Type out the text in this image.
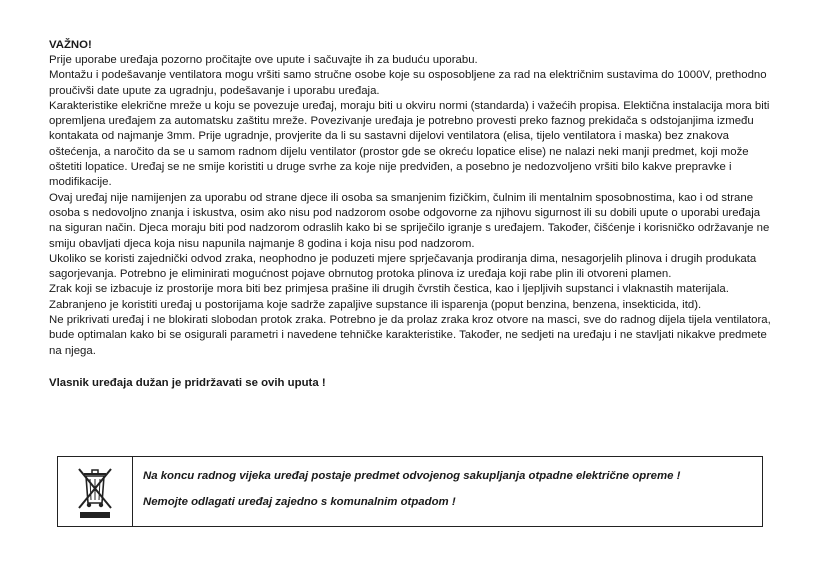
VAŽNO!

Prije uporabe uređaja pozorno pročitajte ove upute i sačuvajte ih za buduću uporabu.

Montažu i podešavanje ventilatora mogu vršiti samo stručne osobe koje su osposobljene za rad na električnim sustavima do 1000V, prethodno proučivši date upute za ugradnju, podešavanje i uporabu uređaja.

Karakteristike elekrične mreže u koju se povezuje uređaj, moraju biti u okviru normi (standarda) i važećih propisa. Elektična instalacija mora biti opremljena uređajem za automatsku zaštitu mreže. Povezivanje uređaja je potrebno provesti preko faznog prekidača s odstojanjima između kontakata od najmanje 3mm. Prije ugradnje, provjerite da li su sastavni dijelovi ventilatora (elisa, tijelo ventilatora i maska) bez znakova oštećenja, a naročito da se u samom radnom dijelu ventilator (prostor gde se okreću lopatice elise) ne nalazi neki manji predmet, koji može oštetiti lopatice. Uređaj se ne smije koristiti u druge svrhe za koje nije predviđen, a posebno je nedozvoljeno vršiti bilo kakve prepravke i modifikacije.

Ovaj uređaj nije namijenjen za uporabu od strane djece ili osoba sa smanjenim fizičkim, čulnim ili mentalnim sposobnostima, kao i od strane osoba s nedovoljno znanja i iskustva, osim ako nisu pod nadzorom osobe odgovorne za njihovu sigurnost ili su dobili upute o uporabi uređaja na siguran način. Djeca moraju biti pod nadzorom odraslih kako bi se spriječilo igranje s uređajem. Također, čišćenje i korisničko održavanje ne smiju obavljati djeca koja nisu napunila najmanje 8 godina i koja nisu pod nadzorom.

Ukoliko se koristi zajednički odvod zraka, neophodno je poduzeti mjere sprječavanja prodiranja dima, nesagorjelih plinova i drugih produkata sagorjevanja. Potrebno je eliminirati mogućnost pojave obrnutog protoka plinova iz uređaja koji rabe plin ili otvoreni plamen.

Zrak koji se izbacuje iz prostorije mora biti bez primjesa prašine ili drugih čvrstih čestica, kao i ljepljivih supstanci i vlaknastih materijala. Zabranjeno je koristiti uređaj u postorijama koje sadrže zapaljive supstance ili isparenja (poput benzina, benzena, insekticida, itd).

Ne prikrivati uređaj i ne blokirati slobodan protok zraka. Potrebno je da prolaz zraka kroz otvore na masci, sve do radnog dijela tijela ventilatora, bude optimalan kako bi se osigurali parametri i navedene tehničke karakteristike. Također, ne sedjeti na uređaju i ne stavljati nikakve predmete na njega.

Vlasnik uređaja dužan je pridržavati se ovih uputa !

Na koncu radnog vijeka uređaj postaje predmet odvojenog sakupljanja otpadne električne opreme !

Nemojte odlagati uređaj zajedno s komunalnim otpadom !
